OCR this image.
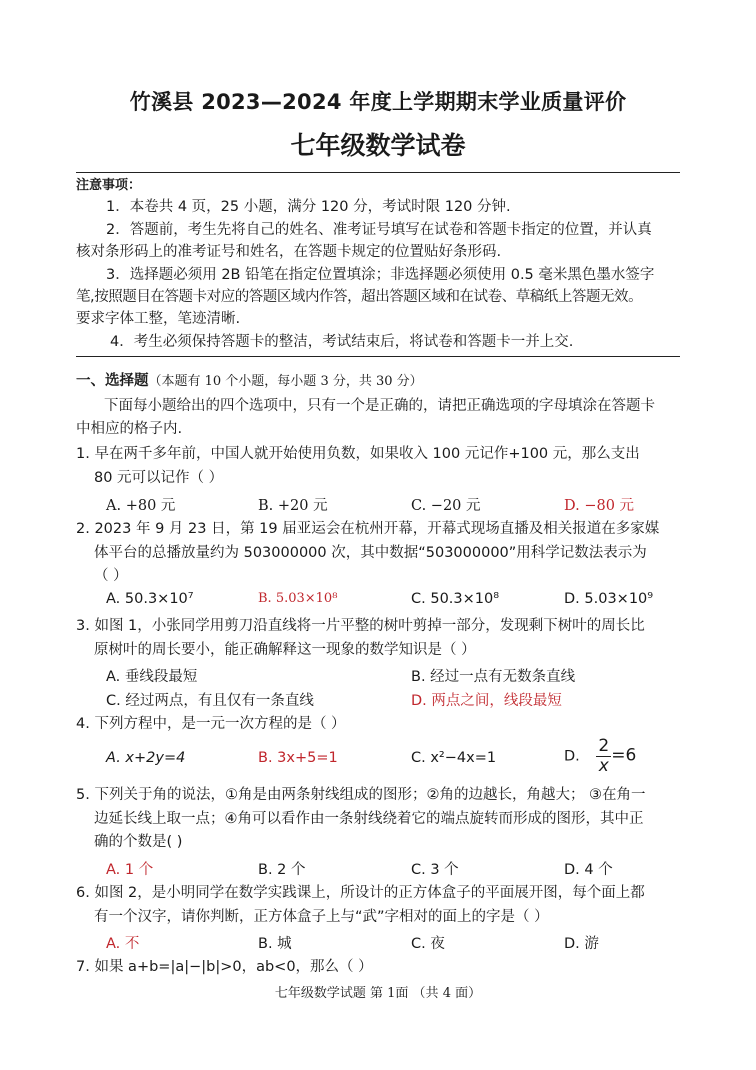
竹溪县 2023—2024 年度上学期期末学业质量评价
七年级数学试卷
注意事项：
1．本卷共 4 页，25 小题，满分 120 分，考试时限 120 分钟.
2．答题前，考生先将自己的姓名、准考证号填写在试卷和答题卡指定的位置，并认真
核对条形码上的准考证号和姓名，在答题卡规定的位置贴好条形码.
3．选择题必须用 2B 铅笔在指定位置填涂；非选择题必须使用 0.5 毫米黑色墨水签字
笔,按照题目在答题卡对应的答题区域内作答，超出答题区域和在试卷、草稿纸上答题无效。
要求字体工整，笔迹清晰.
4．考生必须保持答题卡的整洁，考试结束后，将试卷和答题卡一并上交.
一、选择题（本题有 10 个小题，每小题 3 分，共 30 分）
下面每小题给出的四个选项中，只有一个是正确的，请把正确选项的字母填涂在答题卡
中相应的格子内.
1. 早在两千多年前，中国人就开始使用负数，如果收入 100 元记作+100 元，那么支出
80 元可以记作（ ）
A. +80 元	B. +20 元	C. −20 元	D. −80 元
2. 2023 年 9 月 23 日，第 19 届亚运会在杭州开幕，开幕式现场直播及相关报道在多家媒
体平台的总播放量约为 503000000 次，其中数据“503000000”用科学记数法表示为
（ ）
A. 50.3×10⁷	B. 5.03×10⁸	C. 50.3×10⁸	D. 5.03×10⁹
3. 如图 1，小张同学用剪刀沿直线将一片平整的树叶剪掉一部分，发现剩下树叶的周长比
原树叶的周长要小，能正确解释这一现象的数学知识是（ ）
A. 垂线段最短	B. 经过一点有无数条直线
C. 经过两点，有且仅有一条直线	D. 两点之间，线段最短
4. 下列方程中，是一元一次方程的是（ ）
A. x+2y=4	B. 3x+5=1	C. x²−4x=1	D. $\frac{2}{x} =6$
5. 下列关于角的说法，①角是由两条射线组成的图形；②角的边越长，角越大； ③在角一
边延长线上取一点；④角可以看作由一条射线绕着它的端点旋转而形成的图形，其中正
确的个数是( )
A. 1 个	B. 2 个	C. 3 个	D. 4 个
6. 如图 2，是小明同学在数学实践课上，所设计的正方体盒子的平面展开图，每个面上都
有一个汉字，请你判断，正方体盒子上与“武”字相对的面上的字是（ ）
A. 不	B. 城	C. 夜	D. 游
7. 如果 a+b=|a|−|b|>0，ab<0，那么（ ）
七年级数学试题 第 1面 （共 4 面）
